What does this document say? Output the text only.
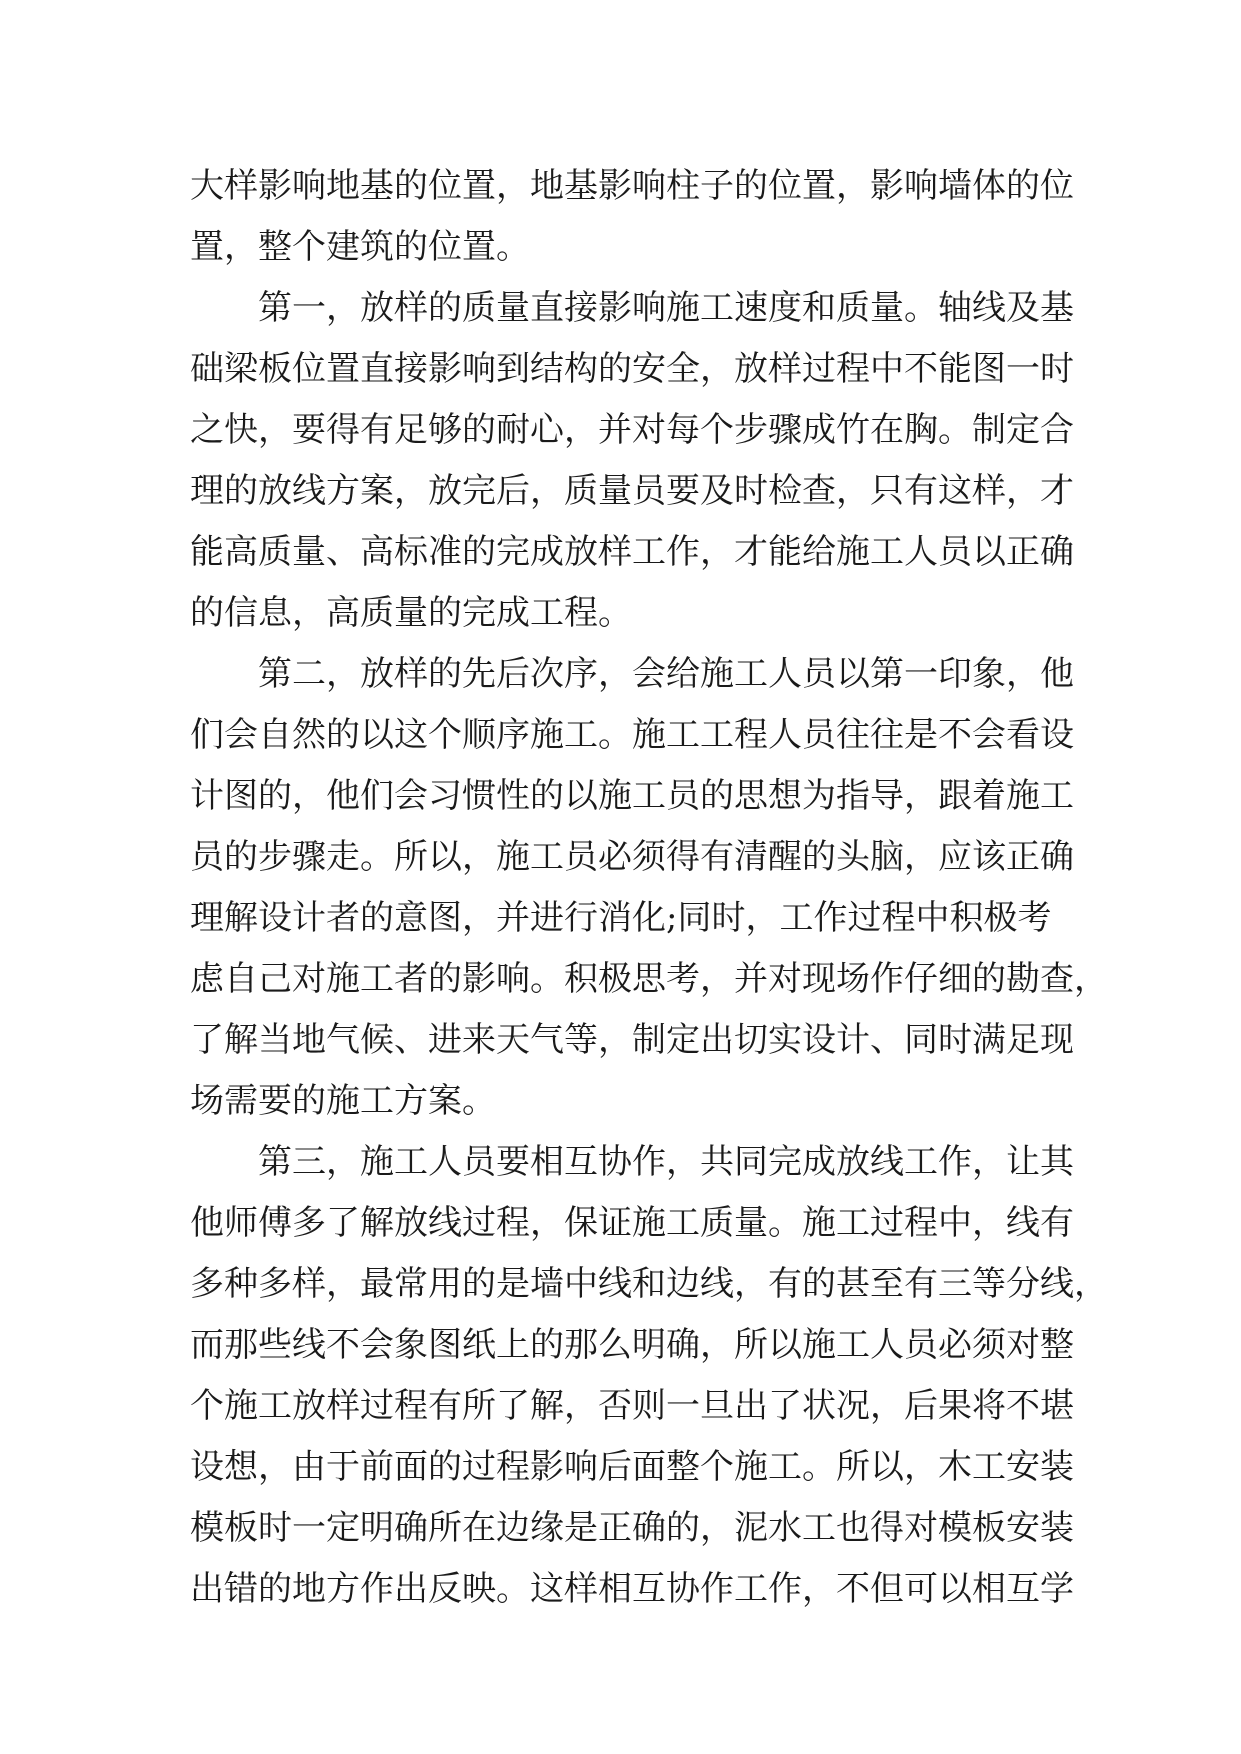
大样影响地基的位置，地基影响柱子的位置，影响墙体的位
置，整个建筑的位置。
第一，放样的质量直接影响施工速度和质量。轴线及基
础梁板位置直接影响到结构的安全，放样过程中不能图一时
之快，要得有足够的耐心，并对每个步骤成竹在胸。制定合
理的放线方案，放完后，质量员要及时检查，只有这样，才
能高质量、高标准的完成放样工作，才能给施工人员以正确
的信息，高质量的完成工程。
第二，放样的先后次序，会给施工人员以第一印象，他
们会自然的以这个顺序施工。施工工程人员往往是不会看设
计图的，他们会习惯性的以施工员的思想为指导，跟着施工
员的步骤走。所以，施工员必须得有清醒的头脑，应该正确
理解设计者的意图，并进行消化;同时，工作过程中积极考
虑自己对施工者的影响。积极思考，并对现场作仔细的勘查，
了解当地气候、进来天气等，制定出切实设计、同时满足现
场需要的施工方案。
第三，施工人员要相互协作，共同完成放线工作，让其
他师傅多了解放线过程，保证施工质量。施工过程中，线有
多种多样，最常用的是墙中线和边线，有的甚至有三等分线，
而那些线不会象图纸上的那么明确，所以施工人员必须对整
个施工放样过程有所了解，否则一旦出了状况，后果将不堪
设想，由于前面的过程影响后面整个施工。所以，木工安装
模板时一定明确所在边缘是正确的，泥水工也得对模板安装
出错的地方作出反映。这样相互协作工作，不但可以相互学
